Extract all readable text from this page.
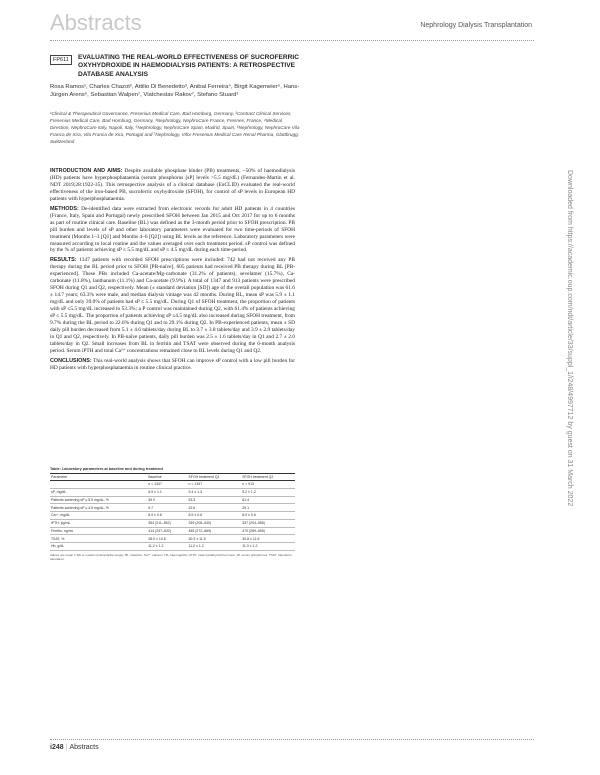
Abstracts	Nephrology Dialysis Transplantation
FP611	EVALUATING THE REAL-WORLD EFFECTIVENESS OF SUCROFERRIC OXYHYDROXIDE IN HAEMODIALYSIS PATIENTS: A RETROSPECTIVE DATABASE ANALYSIS
Rosa Ramos¹, Charles Chazot², Attilio Di Benedetto³, Anibal Ferreira⁴, Birgit Kagemeier⁵, Hans-Jürgen Arens⁶, Sebastian Walpen⁷, Viatcheslav Rakov⁷, Stefano Stuard¹
¹Clinical & Therapeutical Governance, Fresenius Medical Care, Bad Homburg, Germany, ²Contract Clinical Services, Fresenius Medical Care, Bad Homburg, Germany, ³Nephrology, NephroCare France, Fresnes, France, ⁴Medical Direction, NephroCare Italy, Napoli, Italy, ⁵Nephrology, NephroCare Spain, Madrid, Spain, ⁶Nephrology, NephroCare Vila Franca de Xira, Vila Franca de Xira, Portugal and ⁷Nephrology, Vifor Fresenius Medical Care Renal Pharma, Glattbrugg, Switzerland

INTRODUCTION AND AIMS: Despite available phosphate binder (PB) treatments, ~50% of haemodialysis (HD) patients have hyperphosphataemia (serum phosphorus [sP] levels >5.5 mg/dL) (Fernandes-Martin et al. NDT 2019;28:1922-35). This retrospective analysis of a clinical database (EuCLID) evaluated the real-world effectiveness of the iron-based PB, sucroferric oxyhydroxide (SFOH), for control of sP levels in European HD patients with hyperphosphataemia.

METHODS: De-identified data were extracted from electronic records for adult HD patients in 4 countries (France, Italy, Spain and Portugal) newly prescribed SFOH between Jan 2015 and Oct 2017 for up to 6 months as part of routine clinical care. Baseline (BL) was defined as the 3-month period prior to SFOH prescription. PB pill burden and levels of sP and other laboratory parameters were evaluated for two time-periods of SFOH treatment (Months 1–3 [Q1] and Months 4–6 [Q2]) using BL levels as the reference. Laboratory parameters were measured according to local routine and the values averaged over each treatment period. sP control was defined by the % of patients achieving sP ≤ 5.5 mg/dL and sP ≤ 4.5 mg/dL during each time-period.

RESULTS: 1347 patients with recorded SFOH prescriptions were included: 742 had not received any PB therapy during the BL period prior to SFOH [PB-naïve], 605 patients had received PB therapy during BL [PB-experienced]. These PBs included Ca-acetate/Mg-carbonate (31.2% of patients), sevelamer (15.7%), Ca-carbonate (11.8%), lanthanum (11.1%) and Ca-acetate (9.9%). A total of 1347 and 913 patients were prescribed SFOH during Q1 and Q2, respectively. Mean (± standard deviation [SD]) age of the overall population was 61.6 ± 14.7 years; 63.3% were male, and median dialysis vintage was 42 months. During BL, mean sP was 5.9 ± 1.1 mg/dL and only 39.0% of patients had sP ≤ 5.5 mg/dL. During Q1 of SFOH treatment, the proportion of patients with sP ≤5.5 mg/dL increased to 53.3%; a P control was maintained during Q2, with 61.4% of patients achieving sP ≤ 5.5 mg/dL. The proportion of patients achieving sP ≤4.5 mg/dL also increased during SFOH treatment, from 9.7% during the BL period to 22.6% during Q1 and to 29.1% during Q2. In PB-experienced patients, mean ± SD daily pill burden decreased from 5.1 ± 4.6 tablets/day during BL to 3.7 ± 3.8 tablets/day and 3.9 ± 2.9 tablets/day in Q1 and Q2, respectively. In PB-naïve patients, daily pill burden was 2.5 ± 1.6 tablets/day in Q1 and 2.7 ± 2.0 tablets/day in Q2. Small increases from BL in ferritin and TSAT were observed during the 6-month analysis period. Serum iPTH and total Ca²⁺ concentrations remained close to BL levels during Q1 and Q2.

CONCLUSIONS: This real-world analysis shows that SFOH can improve sP control with a low pill burden for HD patients with hyperphosphataemia in routine clinical practice.

Table: Laboratory parameters at baseline and during treatment
Parameter	Baseline	SFOH treatment Q1	SFOH treatment Q2
	n = 1347	n = 1347	n = 913
sP, mg/dL	5.9 ± 1.1	5.4 ± 1.3	5.2 ± 1.2
Patients achieving sP ≤ 5.5 mg/dL, %	39.0	53.3	61.4
Patients achieving sP ≤ 4.5 mg/dL, %	9.7	22.6	29.1
Ca²⁺, mg/dL	8.9 ± 0.6	8.9 ± 0.6	8.9 ± 0.6
iPTH, pg/mL	354 (211–552)	339 (206–540)	337 (204–556)
Ferritin, ng/mL	414 (237–632)	455 (272–669)	470 (289–695)
TSAT, %	28.0 ± 10.8	30.3 ± 11.5	30.8 ± 11.6
Hb, g/dL	11.2 ± 1.2	11.2 ± 1.2	11.3 ± 1.2
Values are mean ± SD or median (interquartile range). BL, baseline; Ca²⁺, calcium; Hb, haemoglobin; iPTH, intact parathyroid hormone; sP, serum phosphorus; TSAT, transferrin saturation.
Downloaded from https://academic.oup.com/ndt/article/33/suppl_1/i248/4997712 by guest on 31 March 2022
i248 | Abstracts
